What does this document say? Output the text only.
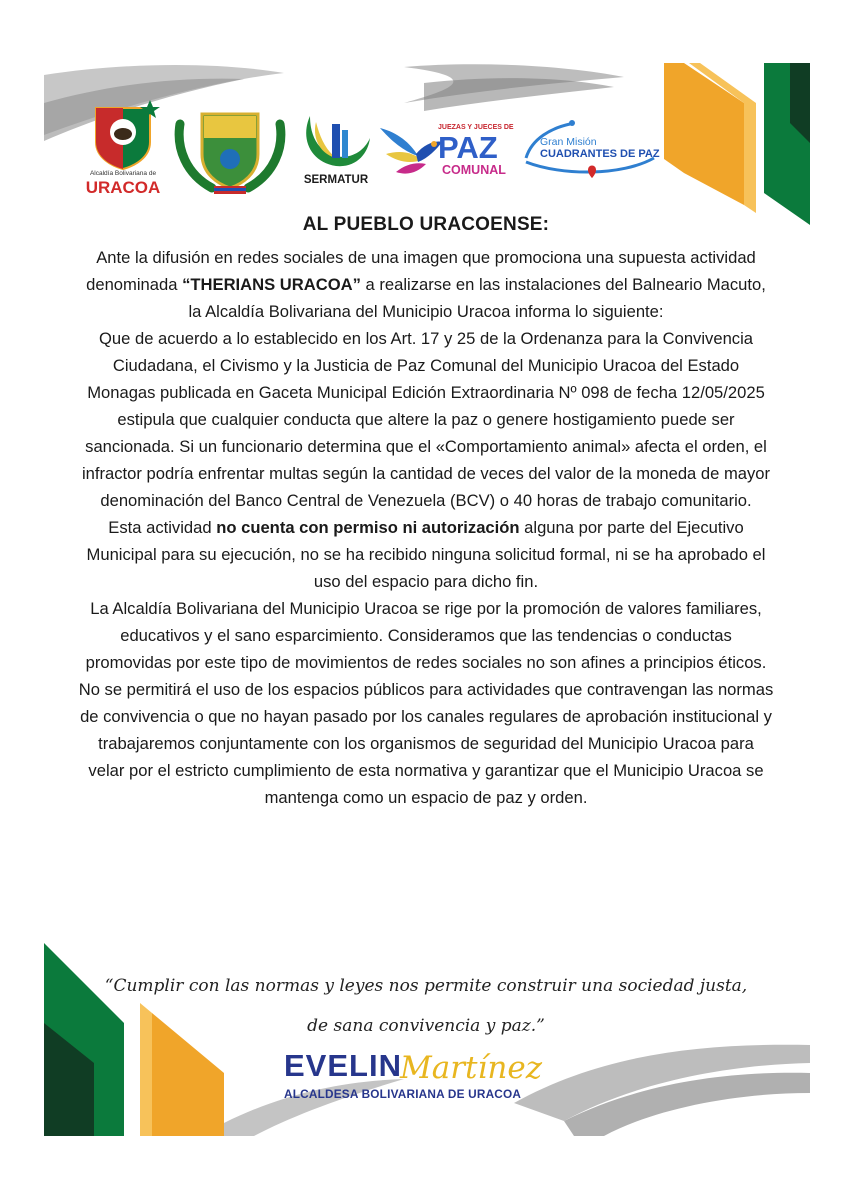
Alcaldía Bolivariana de
URACOA	SERMATUR
JUEZAS Y JUECES DE
PAZ
COMUNAL
Gran Misión
CUADRANTES DE PAZ
AL PUEBLO URACOENSE:

Ante la difusión en redes sociales de una imagen que promociona una supuesta actividad denominada “THERIANS URACOA” a realizarse en las instalaciones del Balneario Macuto, la Alcaldía Bolivariana del Municipio Uracoa informa lo siguiente:

Que de acuerdo a lo establecido en los Art. 17 y 25 de la Ordenanza para la Convivencia Ciudadana, el Civismo y la Justicia de Paz Comunal del Municipio Uracoa del Estado Monagas publicada en Gaceta Municipal Edición Extraordinaria Nº 098 de fecha 12/05/2025 estipula que cualquier conducta que altere la paz o genere hostigamiento puede ser sancionada. Si un funcionario determina que el «Comportamiento animal» afecta el orden, el infractor podría enfrentar multas según la cantidad de veces del valor de la moneda de mayor denominación del Banco Central de Venezuela (BCV) o 40 horas de trabajo comunitario.

Esta actividad no cuenta con permiso ni autorización alguna por parte del Ejecutivo Municipal para su ejecución, no se ha recibido ninguna solicitud formal, ni se ha aprobado el uso del espacio para dicho fin.

La Alcaldía Bolivariana del Municipio Uracoa se rige por la promoción de valores familiares, educativos y el sano esparcimiento. Consideramos que las tendencias o conductas promovidas por este tipo de movimientos de redes sociales no son afines a principios éticos.

No se permitirá el uso de los espacios públicos para actividades que contravengan las normas de convivencia o que no hayan pasado por los canales regulares de aprobación institucional y trabajaremos conjuntamente con los organismos de seguridad del Municipio Uracoa para velar por el estricto cumplimiento de esta normativa y garantizar que el Municipio Uracoa se mantenga como un espacio de paz y orden.

“Cumplir con las normas y leyes nos permite construir una sociedad justa, de sana convivencia y paz.”
EVELIN
Martínez
ALCALDESA BOLIVARIANA DE URACOA
